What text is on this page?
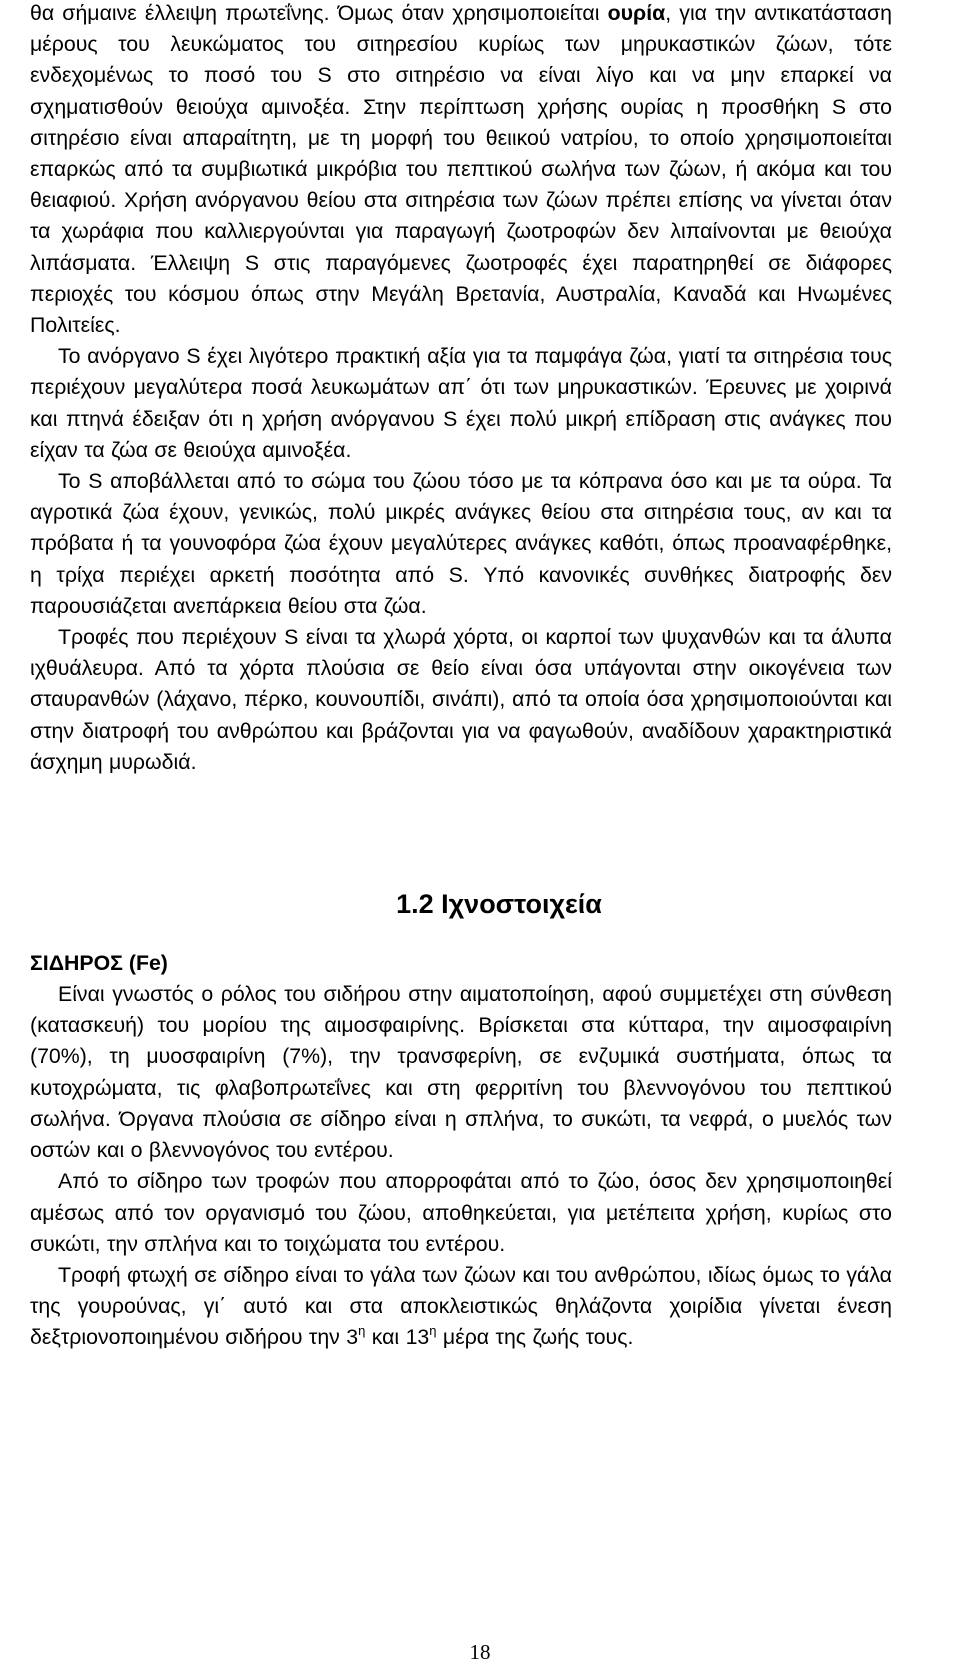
θα σήμαινε έλλειψη πρωτεΐνης. Όμως όταν χρησιμοποιείται ουρία, για την αντικατάσταση μέρους του λευκώματος του σιτηρεσίου κυρίως των μηρυκαστικών ζώων, τότε ενδεχομένως το ποσό του S στο σιτηρέσιο να είναι λίγο και να μην επαρκεί να σχηματισθούν θειούχα αμινοξέα. Στην περίπτωση χρήσης ουρίας η προσθήκη S στο σιτηρέσιο είναι απαραίτητη, με τη μορφή του θειικού νατρίου, το οποίο χρησιμοποιείται επαρκώς από τα συμβιωτικά μικρόβια του πεπτικού σωλήνα των ζώων, ή ακόμα και του θειαφιού. Χρήση ανόργανου θείου στα σιτηρέσια των ζώων πρέπει επίσης να γίνεται όταν τα χωράφια που καλλιεργούνται για παραγωγή ζωοτροφών δεν λιπαίνονται με θειούχα λιπάσματα. Έλλειψη S στις παραγόμενες ζωοτροφές έχει παρατηρηθεί σε διάφορες περιοχές του κόσμου όπως στην Μεγάλη Βρετανία, Αυστραλία, Καναδά και Ηνωμένες Πολιτείες.

Το ανόργανο S έχει λιγότερο πρακτική αξία για τα παμφάγα ζώα, γιατί τα σιτηρέσια τους περιέχουν μεγαλύτερα ποσά λευκωμάτων απ΄ ότι των μηρυκαστικών. Έρευνες με χοιρινά και πτηνά έδειξαν ότι η χρήση ανόργανου S έχει πολύ μικρή επίδραση στις ανάγκες που είχαν τα ζώα σε θειούχα αμινοξέα.

Το S αποβάλλεται από το σώμα του ζώου τόσο με τα κόπρανα όσο και με τα ούρα. Τα αγροτικά ζώα έχουν, γενικώς, πολύ μικρές ανάγκες θείου στα σιτηρέσια τους, αν και τα πρόβατα ή τα γουνοφόρα ζώα έχουν μεγαλύτερες ανάγκες καθότι, όπως προαναφέρθηκε, η τρίχα περιέχει αρκετή ποσότητα από S. Υπό κανονικές συνθήκες διατροφής δεν παρουσιάζεται ανεπάρκεια θείου στα ζώα.

Τροφές που περιέχουν S είναι τα χλωρά χόρτα, οι καρποί των ψυχανθών και τα άλυπα ιχθυάλευρα. Από τα χόρτα πλούσια σε θείο είναι όσα υπάγονται στην οικογένεια των σταυρανθών (λάχανο, πέρκο, κουνουπίδι, σινάπι), από τα οποία όσα χρησιμοποιούνται και στην διατροφή του ανθρώπου και βράζονται για να φαγωθούν, αναδίδουν χαρακτηριστικά άσχημη μυρωδιά.

1.2 Ιχνοστοιχεία
ΣΙΔΗΡΟΣ (Fe)

Είναι γνωστός ο ρόλος του σιδήρου στην αιματοποίηση, αφού συμμετέχει στη σύνθεση (κατασκευή) του μορίου της αιμοσφαιρίνης. Βρίσκεται στα κύτταρα, την αιμοσφαιρίνη (70%), τη μυοσφαιρίνη (7%), την τρανσφερίνη, σε ενζυμικά συστήματα, όπως τα κυτοχρώματα, τις φλαβοπρωτεΐνες και στη φερριτίνη του βλεννογόνου του πεπτικού σωλήνα. Όργανα πλούσια σε σίδηρο είναι η σπλήνα, το συκώτι, τα νεφρά, ο μυελός των οστών και ο βλεννογόνος του εντέρου.

Από το σίδηρο των τροφών που απορροφάται από το ζώο, όσος δεν χρησιμοποιηθεί αμέσως από τον οργανισμό του ζώου, αποθηκεύεται, για μετέπειτα χρήση, κυρίως στο συκώτι, την σπλήνα και το τοιχώματα του εντέρου.

Τροφή φτωχή σε σίδηρο είναι το γάλα των ζώων και του ανθρώπου, ιδίως όμως το γάλα της γουρούνας, γι΄ αυτό και στα αποκλειστικώς θηλάζοντα χοιρίδια γίνεται ένεση δεξτριονοποιημένου σιδήρου την $3^\eta$ και $13^\eta$ μέρα της ζωής τους.

18
